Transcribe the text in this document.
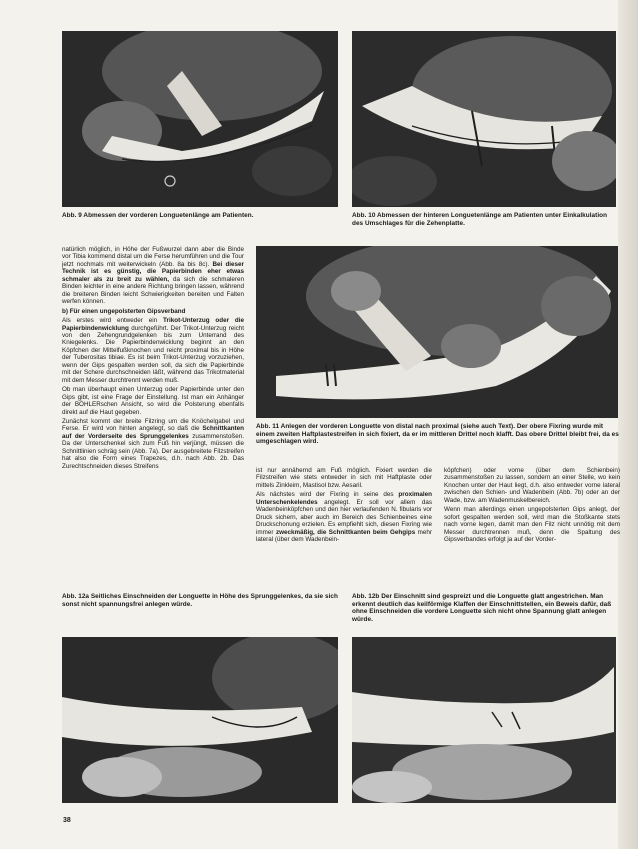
Abb. 9 Abmessen der vorderen Longuetenlänge am Patienten.	Abb. 10 Abmessen der hinteren Longuetenlänge am Patienten unter Einkalkulation des Umschlages für die Zehenplatte.

natürlich möglich, in Höhe der Fußwurzel dann aber die Binde vor Tibia kommend distal um die Ferse herumführen und die Tour jetzt nochmals mit weiterwickeln (Abb. 8a bis 8c). Bei dieser Technik ist es günstig, die Papierbinden eher etwas schmaler als zu breit zu wählen, da sich die schmaleren Binden leichter in eine andere Richtung bringen lassen, während die breiteren Binden leicht Schwierigkeiten bereiten und Falten werfen können.

b) Für einen ungepolsterten Gipsverband

Als erstes wird entweder ein Trikot-Unterzug oder die Papierbindenwicklung durchgeführt. Der Trikot-Unterzug reicht von den Zehengrundgelenken bis zum Unterrand des Kniegelenks. Die Papierbindenwicklung beginnt an den Köpfchen der Mittelfußknochen und reicht proximal bis in Höhe der Tuberositas tibiae. Es ist beim Trikot-Unterzug vorzuziehen, wenn der Gips gespalten werden soll, da sich die Papierbinde mit der Schere durchschneiden läßt, während das Trikotmaterial mit dem Messer durchtrennt werden muß.

Ob man überhaupt einen Unterzug oder Papierbinde unter den Gips gibt, ist eine Frage der Einstellung. Ist man ein Anhänger der BÖHLERschen Ansicht, so wird die Polsterung ebenfalls direkt auf die Haut gegeben.

Zunächst kommt der breite Filzring um die Knöchelgabel und Ferse. Er wird von hinten angelegt, so daß die Schnittkanten auf der Vorderseite des Sprunggelenkes zusammenstoßen. Da der Unterschenkel sich zum Fuß hin verjüngt, müssen die Schnittlinien schräg sein (Abb. 7a). Der ausgebreitete Filzstreifen hat also die Form eines Trapezes, d.h. nach Abb. 2b. Das Zurechtschneiden dieses Streifens

Abb. 11 Anlegen der vorderen Longuette von distal nach proximal (siehe auch Text). Der obere Fixring wurde mit einem zweiten Haftplastestreifen in sich fixiert, da er im mittleren Drittel noch klafft. Das obere Drittel bleibt frei, da es umgeschlagen wird.

ist nur annähernd am Fuß möglich. Fixiert werden die Filzstreifen wie stets entweder in sich mit Haftplaste oder mittels Zinkleim, Mastisol bzw. Aesaril.

Als nächstes wird der Fixring in seine des proximalen Unterschenkelendes angelegt. Er soll vor allem das Wadenbeinköpfchen und den hier verlaufenden N. fibularis vor Druck sichern, aber auch im Bereich des Schienbeines eine Druckschonung erzielen. Es empfiehlt sich, diesen Fixring wie immer zweckmäßig, die Schnittkanten beim Gehgips mehr lateral (über dem Wadenbein-

köpfchen) oder vorne (über dem Schienbein) zusammenstoßen zu lassen, sondern an einer Stelle, wo kein Knochen unter der Haut liegt, d.h. also entweder vorne lateral zwischen den Schien- und Wadenbein (Abb. 7b) oder an der Wade, bzw. am Wadenmuskelbereich.

Wenn man allerdings einen ungepolsterten Gips anlegt, der sofort gespalten werden soll, wird man die Stoßkante stets nach vorne legen, damit man den Filz nicht unnötig mit dem Messer durchtrennen muß, denn die Spaltung des Gipsverbandes erfolgt ja auf der Vorder-

Abb. 12a Seitliches Einschneiden der Longuette in Höhe des Sprunggelenkes, da sie sich sonst nicht spannungsfrei anlegen würde.
Abb. 12b Der Einschnitt sind gespreizt und die Longuette glatt angestrichen. Man erkennt deutlich das keilförmige Klaffen der Einschnittstellen, ein Beweis dafür, daß ohne Einschneiden die vordere Longuette sich nicht ohne Spannung glatt anlegen würde.
38
